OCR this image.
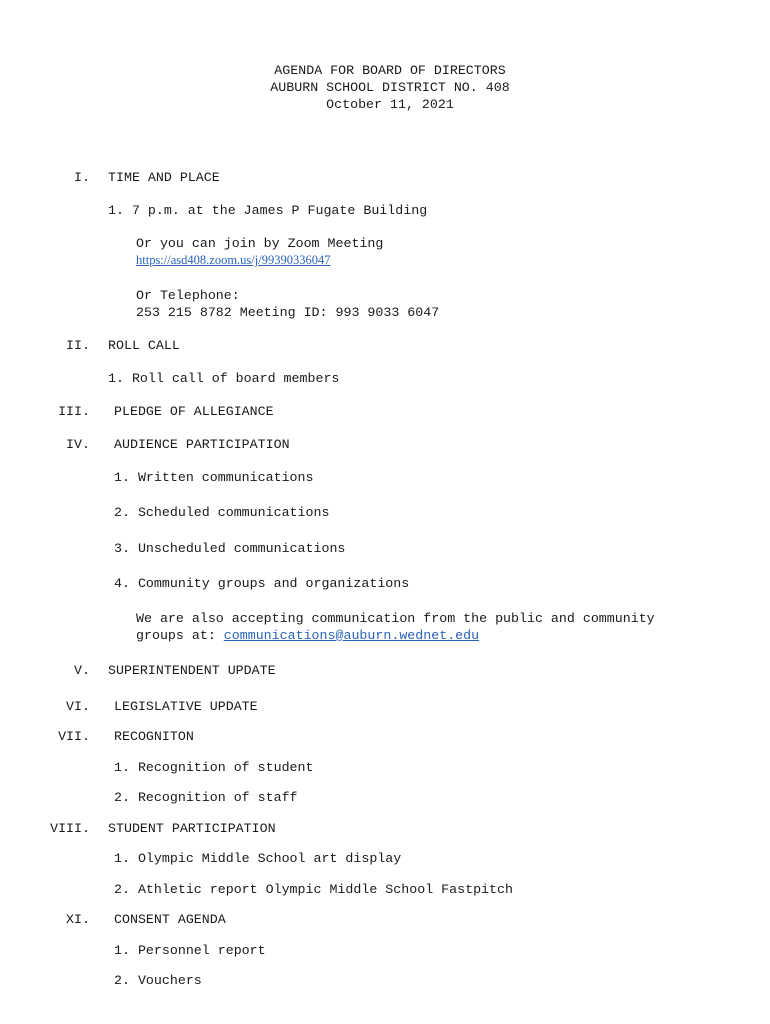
AGENDA FOR BOARD OF DIRECTORS
AUBURN SCHOOL DISTRICT NO. 408
October 11, 2021
I. TIME AND PLACE
1. 7 p.m. at the James P Fugate Building
Or you can join by Zoom Meeting
https://asd408.zoom.us/j/99390336047
Or Telephone:
253 215 8782 Meeting ID: 993 9033 6047
II. ROLL CALL
1. Roll call of board members
III. PLEDGE OF ALLEGIANCE
IV. AUDIENCE PARTICIPATION
1. Written communications
2. Scheduled communications
3. Unscheduled communications
4. Community groups and organizations
We are also accepting communication from the public and community
groups at: communications@auburn.wednet.edu
V. SUPERINTENDENT UPDATE
VI. LEGISLATIVE UPDATE
VII. RECOGNITON
1. Recognition of student
2. Recognition of staff
VIII. STUDENT PARTICIPATION
1. Olympic Middle School art display
2. Athletic report Olympic Middle School Fastpitch
XI. CONSENT AGENDA
1. Personnel report
2. Vouchers
